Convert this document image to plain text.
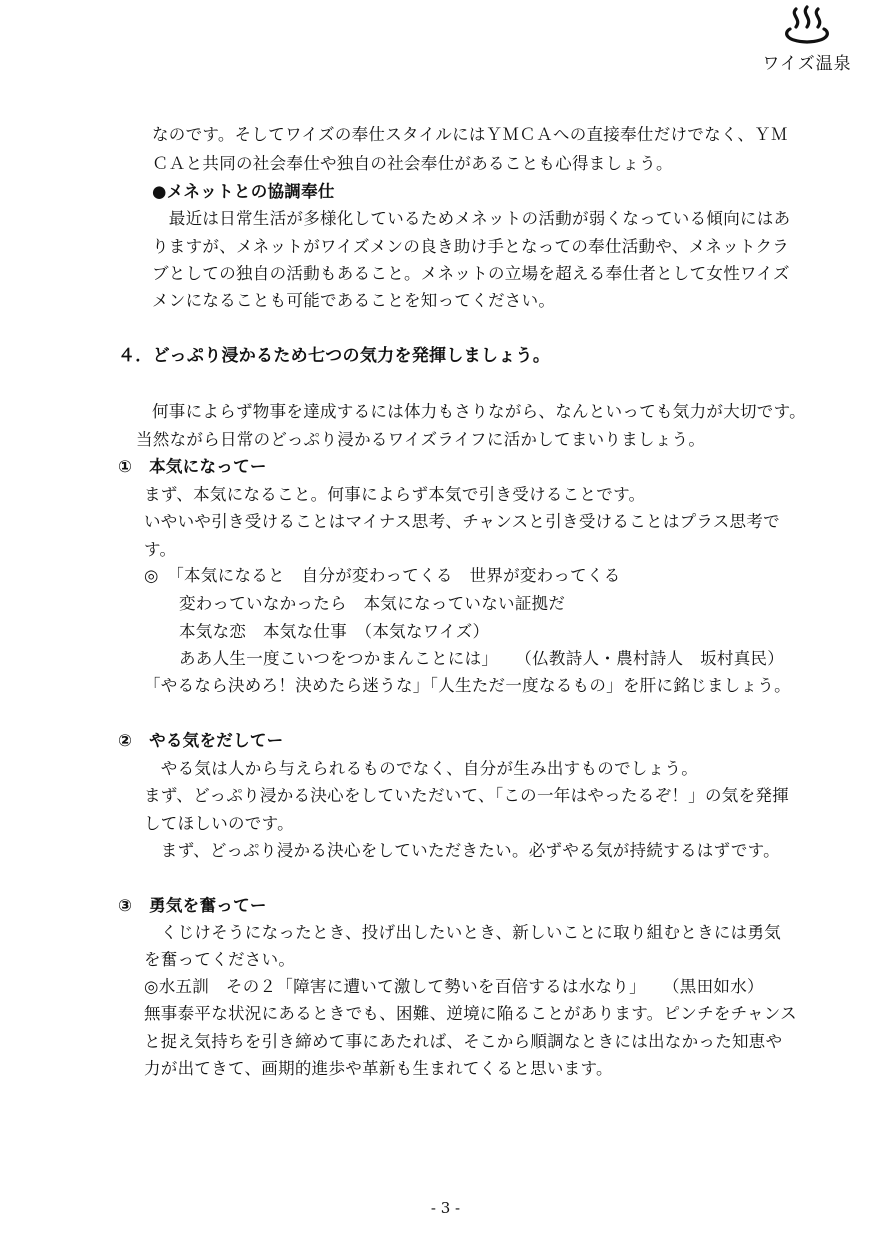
ワイズ温泉
なのです。そしてワイズの奉仕スタイルにはＹＭＣＡへの直接奉仕だけでなく、ＹＭ
ＣＡと共同の社会奉仕や独自の社会奉仕があることも心得ましょう。
●メネットとの協調奉仕
　最近は日常生活が多様化しているためメネットの活動が弱くなっている傾向にはあ
りますが、メネットがワイズメンの良き助け手となっての奉仕活動や、メネットクラ
ブとしての独自の活動もあること。メネットの立場を超える奉仕者として女性ワイズ
メンになることも可能であることを知ってください。
４．どっぷり浸かるため七つの気力を発揮しましょう。
何事によらず物事を達成するには体力もさりながら、なんといっても気力が大切です。
当然ながら日常のどっぷり浸かるワイズライフに活かしてまいりましょう。
①　本気になってー
まず、本気になること。何事によらず本気で引き受けることです。
いやいや引き受けることはマイナス思考、チャンスと引き受けることはプラス思考で
す。
◎　「本気になると　自分が変わってくる　世界が変わってくる
変わっていなかったら　本気になっていない証拠だ
本気な恋　本気な仕事　（本気なワイズ）
ああ人生一度こいつをつかまんことには」　　（仏教詩人・農村詩人　坂村真民）
「やるなら決めろ！決めたら迷うな」「人生ただ一度なるもの」を肝に銘じましょう。
②　やる気をだしてー
　やる気は人から与えられるものでなく、自分が生み出すものでしょう。
まず、どっぷり浸かる決心をしていただいて、「この一年はやったるぞ！」の気を発揮
してほしいのです。
　まず、どっぷり浸かる決心をしていただきたい。必ずやる気が持続するはずです。
③　勇気を奮ってー
　くじけそうになったとき、投げ出したいとき、新しいことに取り組むときには勇気
を奮ってください。
◎水五訓　その２「障害に遭いて激して勢いを百倍するは水なり」　　（黒田如水）
無事泰平な状況にあるときでも、困難、逆境に陥ることがあります。ピンチをチャンス
と捉え気持ちを引き締めて事にあたれば、そこから順調なときには出なかった知恵や
力が出てきて、画期的進歩や革新も生まれてくると思います。
- 3 -
